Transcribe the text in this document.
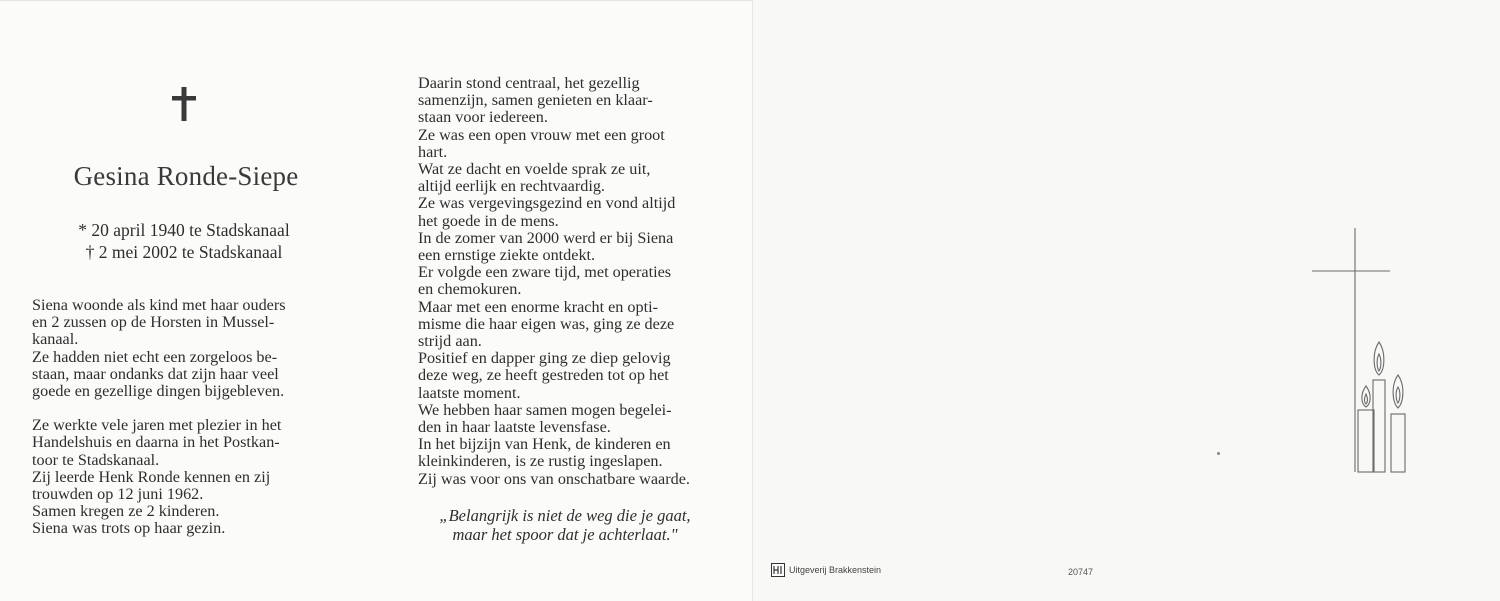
Gesina Ronde-Siepe
* 20 april 1940 te Stadskanaal
† 2 mei 2002 te Stadskanaal
Siena woonde als kind met haar ouders
en 2 zussen op de Horsten in Mussel-
kanaal.
Ze hadden niet echt een zorgeloos be-
staan, maar ondanks dat zijn haar veel
goede en gezellige dingen bijgebleven.
Ze werkte vele jaren met plezier in het
Handelshuis en daarna in het Postkan-
toor te Stadskanaal.
Zij leerde Henk Ronde kennen en zij
trouwden op 12 juni 1962.
Samen kregen ze 2 kinderen.
Siena was trots op haar gezin.
Daarin stond centraal, het gezellig
samenzijn, samen genieten en klaar-
staan voor iedereen.
Ze was een open vrouw met een groot
hart.
Wat ze dacht en voelde sprak ze uit,
altijd eerlijk en rechtvaardig.
Ze was vergevingsgezind en vond altijd
het goede in de mens.
In de zomer van 2000 werd er bij Siena
een ernstige ziekte ontdekt.
Er volgde een zware tijd, met operaties
en chemokuren.
Maar met een enorme kracht en opti-
misme die haar eigen was, ging ze deze
strijd aan.
Positief en dapper ging ze diep gelovig
deze weg, ze heeft gestreden tot op het
laatste moment.
We hebben haar samen mogen begelei-
den in haar laatste levensfase.
In het bijzijn van Henk, de kinderen en
kleinkinderen, is ze rustig ingeslapen.
Zij was voor ons van onschatbare waarde.
„Belangrijk is niet de weg die je gaat,
maar het spoor dat je achterlaat."
Uitgeverij Brakkenstein	20747
